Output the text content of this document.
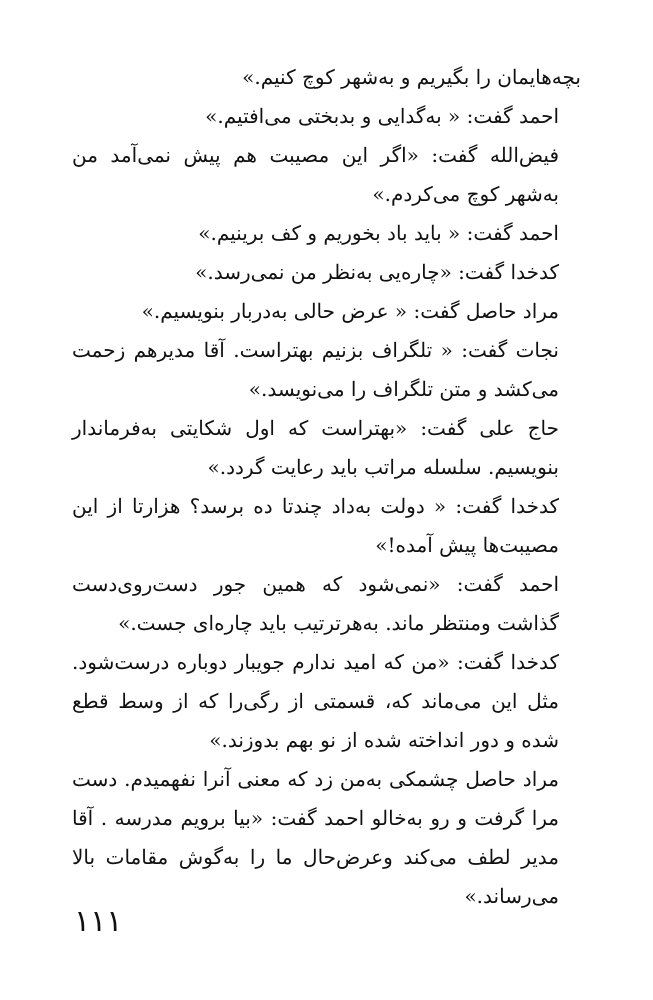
بچه‌هایمان را بگیریم و به‌شهر کوچ کنیم.»

احمد گفت: « به‌گدایی و بدبختی می‌افتیم.»

فیض‌الله گفت: «اگر این مصیبت هم پیش نمی‌آمد من به‌شهر کوچ می‌کردم.»

احمد گفت: « باید باد بخوریم و کف برینیم.»

کدخدا گفت: «چاره‌یی به‌نظر من نمی‌رسد.»

مراد حاصل گفت: « عرض حالی به‌دربار بنویسیم.»

نجات گفت: « تلگراف بزنیم بهتراست. آقا مدیرهم زحمت می‌کشد و متن تلگراف را می‌نویسد.»

حاج علی گفت: «بهتراست که اول شکایتی به‌فرماندار بنویسیم. سلسله مراتب باید رعایت گردد.»

کدخدا گفت: « دولت به‌داد چندتا ده برسد؟ هزارتا از این مصیبت‌ها پیش آمده!»

احمد گفت: «نمی‌شود که همین جور دست‌روی‌دست گذاشت ومنتظر ماند. به‌هرترتیب باید چاره‌ای جست.»

کدخدا گفت: «من که امید ندارم جویبار دوباره درست‌شود. مثل این می‌ماند که، قسمتی از رگی‌را که از وسط قطع شده و دور انداخته شده از نو بهم بدوزند.»

مراد حاصل چشمکی به‌من زد که معنی آنرا نفهمیدم. دست مرا گرفت و رو به‌خالو احمد گفت: «بیا برویم مدرسه . آقا مدیر لطف می‌کند وعرض‌حال ما را به‌گوش مقامات بالا می‌رساند.»

١١١
